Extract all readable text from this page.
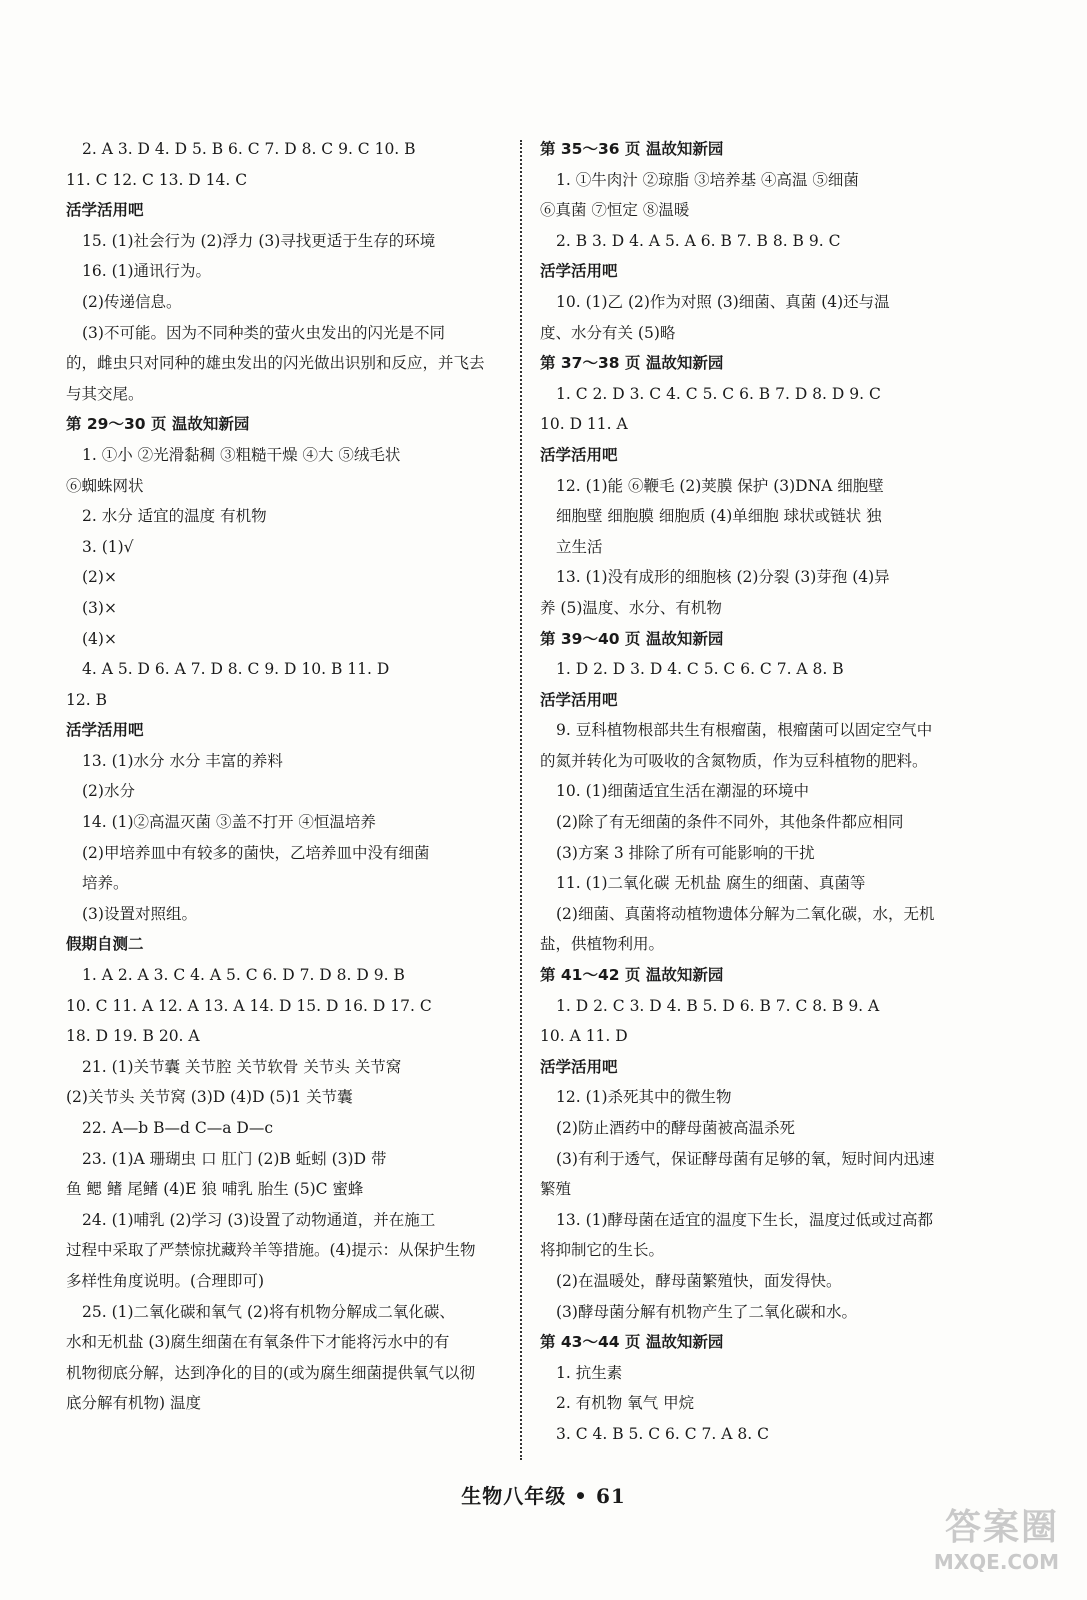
2. A 3. D 4. D 5. B 6. C 7. D 8. C 9. C 10. B
11. C 12. C 13. D 14. C
活学活用吧
15. (1)社会行为 (2)浮力 (3)寻找更适于生存的环境
16. (1)通讯行为。
(2)传递信息。
(3)不可能。因为不同种类的萤火虫发出的闪光是不同
的，雌虫只对同种的雄虫发出的闪光做出识别和反应，并飞去
与其交尾。
第 29～30 页 温故知新园
1. ①小 ②光滑黏稠 ③粗糙干燥 ④大 ⑤绒毛状
⑥蜘蛛网状
2. 水分 适宜的温度 有机物
3. (1)√
(2)×
(3)×
(4)×
4. A 5. D 6. A 7. D 8. C 9. D 10. B 11. D
12. B
活学活用吧
13. (1)水分 水分 丰富的养料
(2)水分
14. (1)②高温灭菌 ③盖不打开 ④恒温培养
(2)甲培养皿中有较多的菌快，乙培养皿中没有细菌
培养。
(3)设置对照组。
假期自测二
1. A 2. A 3. C 4. A 5. C 6. D 7. D 8. D 9. B
10. C 11. A 12. A 13. A 14. D 15. D 16. D 17. C
18. D 19. B 20. A
21. (1)关节囊 关节腔 关节软骨 关节头 关节窝
(2)关节头 关节窝 (3)D (4)D (5)1 关节囊
22. A—b B—d C—a D—c
23. (1)A 珊瑚虫 口 肛门 (2)B 蚯蚓 (3)D 带
鱼 鳃 鳍 尾鳍 (4)E 狼 哺乳 胎生 (5)C 蜜蜂
24. (1)哺乳 (2)学习 (3)设置了动物通道，并在施工
过程中采取了严禁惊扰藏羚羊等措施。(4)提示：从保护生物
多样性角度说明。(合理即可)
25. (1)二氧化碳和氧气 (2)将有机物分解成二氧化碳、
水和无机盐 (3)腐生细菌在有氧条件下才能将污水中的有
机物彻底分解，达到净化的目的(或为腐生细菌提供氧气以彻
底分解有机物) 温度
第 35～36 页 温故知新园
1. ①牛肉汁 ②琼脂 ③培养基 ④高温 ⑤细菌
⑥真菌 ⑦恒定 ⑧温暖
2. B 3. D 4. A 5. A 6. B 7. B 8. B 9. C
活学活用吧
10. (1)乙 (2)作为对照 (3)细菌、真菌 (4)还与温
度、水分有关 (5)略
第 37～38 页 温故知新园
1. C 2. D 3. C 4. C 5. C 6. B 7. D 8. D 9. C
10. D 11. A
活学活用吧
12. (1)能 ⑥鞭毛 (2)荚膜 保护 (3)DNA 细胞壁
细胞壁 细胞膜 细胞质 (4)单细胞 球状或链状 独
立生活
13. (1)没有成形的细胞核 (2)分裂 (3)芽孢 (4)异
养 (5)温度、水分、有机物
第 39～40 页 温故知新园
1. D 2. D 3. D 4. C 5. C 6. C 7. A 8. B
活学活用吧
9. 豆科植物根部共生有根瘤菌，根瘤菌可以固定空气中
的氮并转化为可吸收的含氮物质，作为豆科植物的肥料。
10. (1)细菌适宜生活在潮湿的环境中
(2)除了有无细菌的条件不同外，其他条件都应相同
(3)方案 3 排除了所有可能影响的干扰
11. (1)二氧化碳 无机盐 腐生的细菌、真菌等
(2)细菌、真菌将动植物遗体分解为二氧化碳，水，无机
盐，供植物利用。
第 41～42 页 温故知新园
1. D 2. C 3. D 4. B 5. D 6. B 7. C 8. B 9. A
10. A 11. D
活学活用吧
12. (1)杀死其中的微生物
(2)防止酒药中的酵母菌被高温杀死
(3)有利于透气，保证酵母菌有足够的氧，短时间内迅速
繁殖
13. (1)酵母菌在适宜的温度下生长，温度过低或过高都
将抑制它的生长。
(2)在温暖处，酵母菌繁殖快，面发得快。
(3)酵母菌分解有机物产生了二氧化碳和水。
第 43～44 页 温故知新园
1. 抗生素
2. 有机物 氧气 甲烷
3. C 4. B 5. C 6. C 7. A 8. C
生物八年级 • 61
答案圈
MXQE.COM
